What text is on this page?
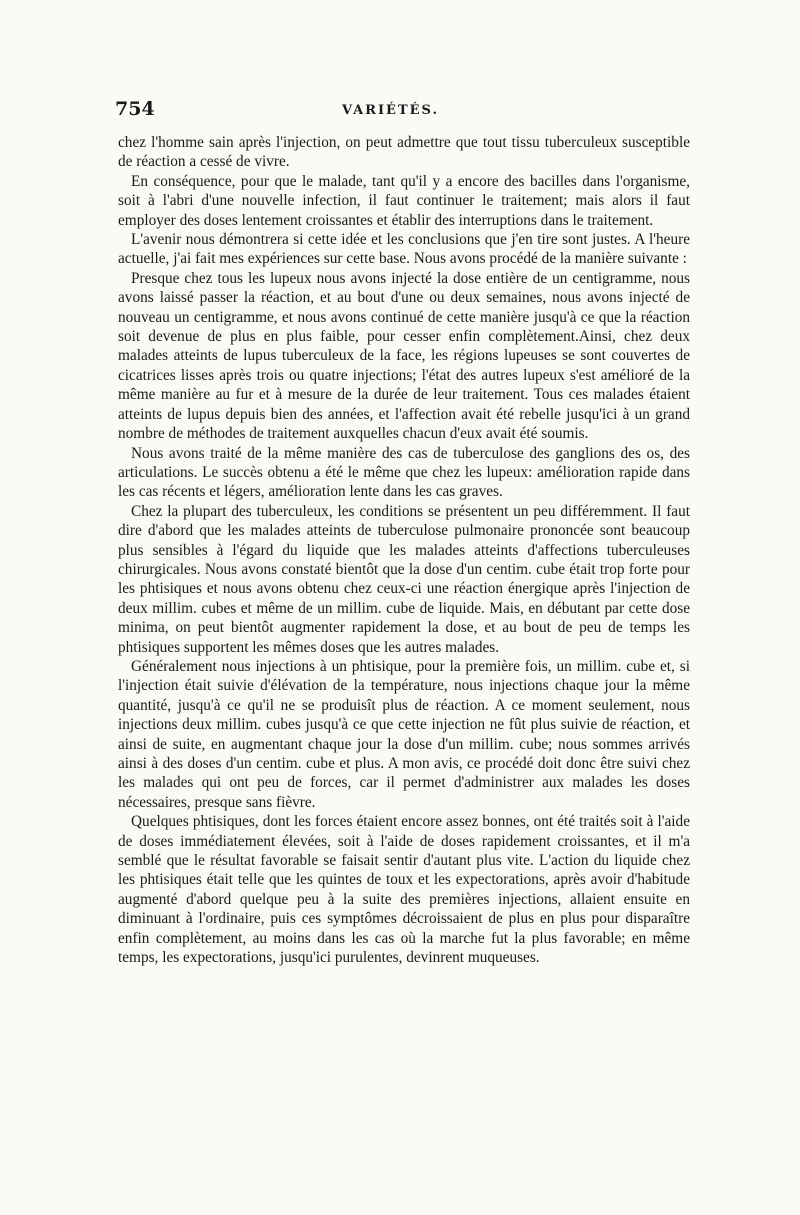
754	VARIÉTÉS.

chez l'homme sain après l'injection, on peut admettre que tout tissu tuberculeux susceptible de réaction a cessé de vivre.

En conséquence, pour que le malade, tant qu'il y a encore des bacilles dans l'organisme, soit à l'abri d'une nouvelle infection, il faut continuer le traitement; mais alors il faut employer des doses lentement croissantes et établir des interruptions dans le traitement.

L'avenir nous démontrera si cette idée et les conclusions que j'en tire sont justes. A l'heure actuelle, j'ai fait mes expériences sur cette base. Nous avons procédé de la manière suivante :

Presque chez tous les lupeux nous avons injecté la dose entière de un centigramme, nous avons laissé passer la réaction, et au bout d'une ou deux semaines, nous avons injecté de nouveau un centigramme, et nous avons continué de cette manière jusqu'à ce que la réaction soit devenue de plus en plus faible, pour cesser enfin complètement.Ainsi, chez deux malades atteints de lupus tuberculeux de la face, les régions lupeuses se sont couvertes de cicatrices lisses après trois ou quatre injections; l'état des autres lupeux s'est amélioré de la même manière au fur et à mesure de la durée de leur traitement. Tous ces malades étaient atteints de lupus depuis bien des années, et l'affection avait été rebelle jusqu'ici à un grand nombre de méthodes de traitement auxquelles chacun d'eux avait été soumis.

Nous avons traité de la même manière des cas de tuberculose des ganglions des os, des articulations. Le succès obtenu a été le même que chez les lupeux: amélioration rapide dans les cas récents et légers, amélioration lente dans les cas graves.

Chez la plupart des tuberculeux, les conditions se présentent un peu différemment. Il faut dire d'abord que les malades atteints de tuberculose pulmonaire prononcée sont beaucoup plus sensibles à l'égard du liquide que les malades atteints d'affections tuberculeuses chirurgicales. Nous avons constaté bientôt que la dose d'un centim. cube était trop forte pour les phtisiques et nous avons obtenu chez ceux-ci une réaction énergique après l'injection de deux millim. cubes et même de un millim. cube de liquide. Mais, en débutant par cette dose minima, on peut bientôt augmenter rapidement la dose, et au bout de peu de temps les phtisiques supportent les mêmes doses que les autres malades.

Généralement nous injections à un phtisique, pour la première fois, un millim. cube et, si l'injection était suivie d'élévation de la température, nous injections chaque jour la même quantité, jusqu'à ce qu'il ne se produisît plus de réaction. A ce moment seulement, nous injections deux millim. cubes jusqu'à ce que cette injection ne fût plus suivie de réaction, et ainsi de suite, en augmentant chaque jour la dose d'un millim. cube; nous sommes arrivés ainsi à des doses d'un centim. cube et plus. A mon avis, ce procédé doit donc être suivi chez les malades qui ont peu de forces, car il permet d'administrer aux malades les doses nécessaires, presque sans fièvre.

Quelques phtisiques, dont les forces étaient encore assez bonnes, ont été traités soit à l'aide de doses immédiatement élevées, soit à l'aide de doses rapidement croissantes, et il m'a semblé que le résultat favorable se faisait sentir d'autant plus vite. L'action du liquide chez les phtisiques était telle que les quintes de toux et les expectorations, après avoir d'habitude augmenté d'abord quelque peu à la suite des premières injections, allaient ensuite en diminuant à l'ordinaire, puis ces symptômes décroissaient de plus en plus pour disparaître enfin complètement, au moins dans les cas où la marche fut la plus favorable; en même temps, les expectorations, jusqu'ici purulentes, devinrent muqueuses.
